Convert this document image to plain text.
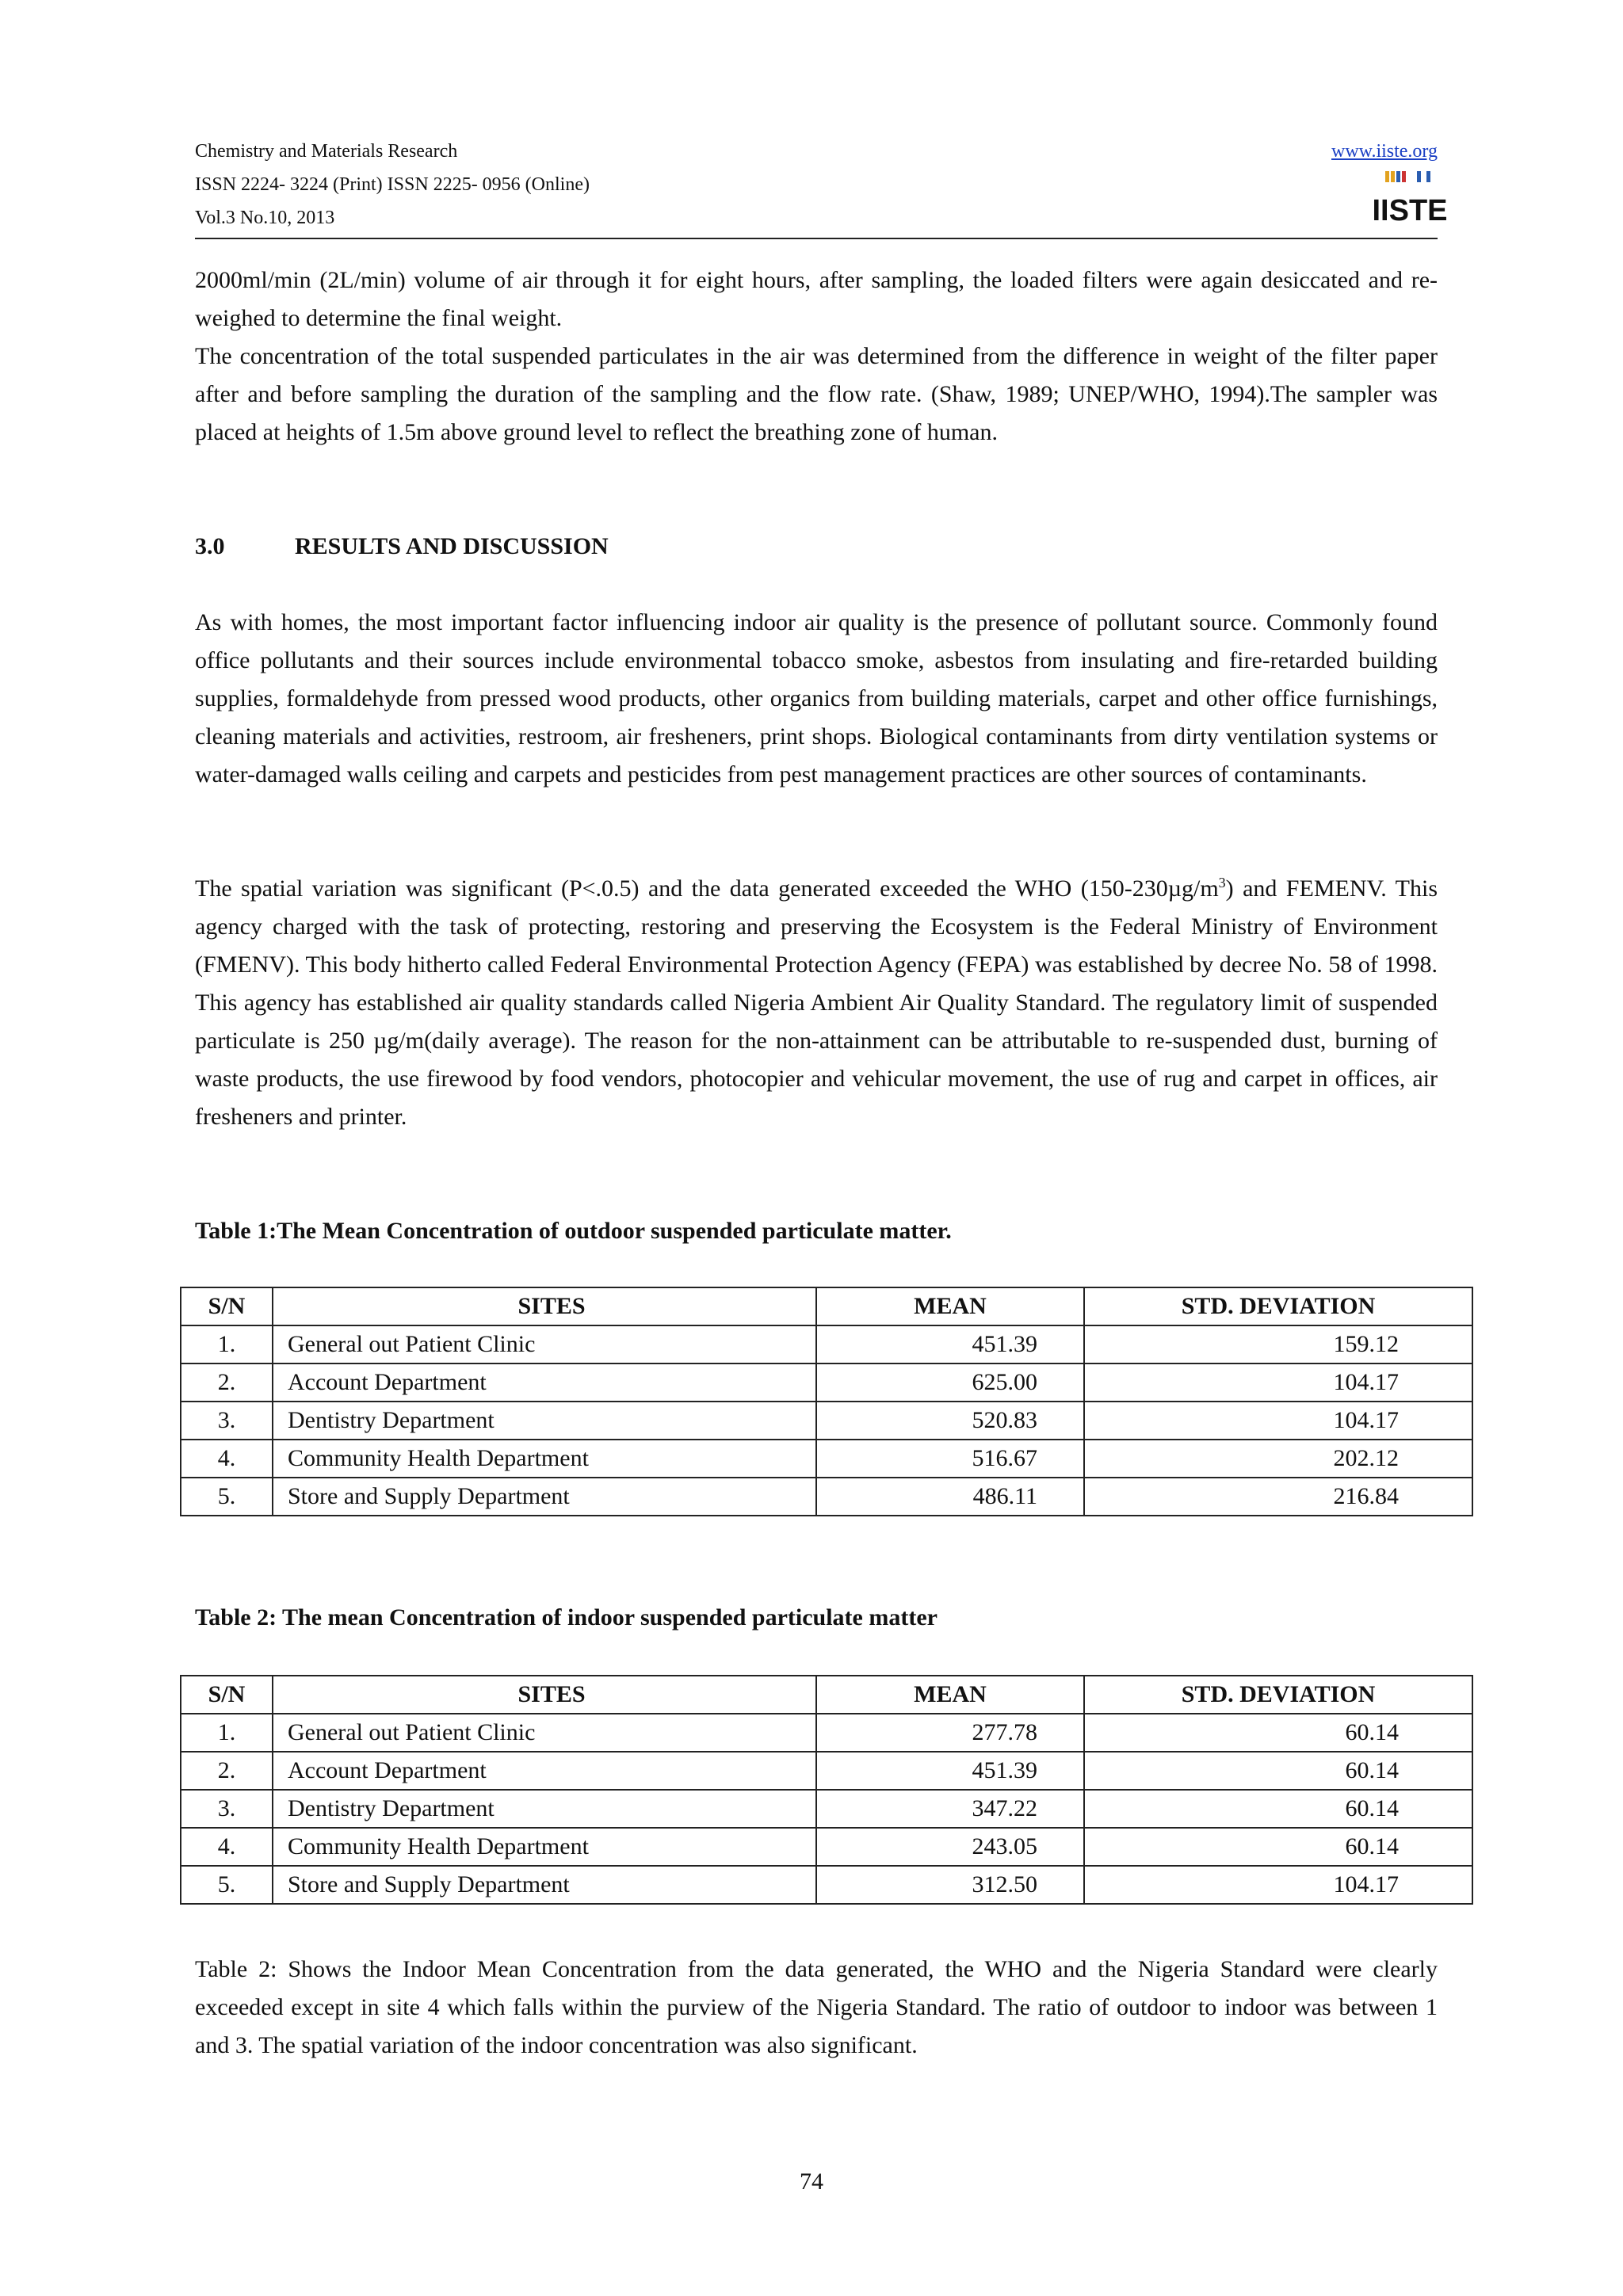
Chemistry and Materials Research
ISSN 2224- 3224 (Print) ISSN 2225- 0956 (Online)
Vol.3 No.10, 2013
www.iiste.org
IISTE

2000ml/min (2L/min) volume of air through it for eight hours, after sampling, the loaded filters were again desiccated and re-weighed to determine the final weight.

The concentration of the total suspended particulates in the air was determined from the difference in weight of the filter paper after and before sampling the duration of the sampling and the flow rate. (Shaw, 1989; UNEP/WHO, 1994).The sampler was placed at heights of 1.5m above ground level to reflect the breathing zone of human.

3.0	RESULTS AND DISCUSSION
As with homes, the most important factor influencing indoor air quality is the presence of pollutant source. Commonly found office pollutants and their sources include environmental tobacco smoke, asbestos from insulating and fire-retarded building supplies, formaldehyde from pressed wood products, other organics from building materials, carpet and other office furnishings, cleaning materials and activities, restroom, air fresheners, print shops. Biological contaminants from dirty ventilation systems or water-damaged walls ceiling and carpets and pesticides from pest management practices are other sources of contaminants.
The spatial variation was significant (P<.0.5) and the data generated exceeded the WHO $(150-230\mu g/m^3)$ and FEMENV. This agency charged with the task of protecting, restoring and preserving the Ecosystem is the Federal Ministry of Environment (FMENV). This body hitherto called Federal Environmental Protection Agency (FEPA) was established by decree No. 58 of 1998. This agency has established air quality standards called Nigeria Ambient Air Quality Standard. The regulatory limit of suspended particulate is 250 µg/m(daily average). The reason for the non-attainment can be attributable to re-suspended dust, burning of waste products, the use firewood by food vendors, photocopier and vehicular movement, the use of rug and carpet in offices, air fresheners and printer.
Table 1:The Mean Concentration of outdoor suspended particulate matter.
S/N	SITES	MEAN	STD. DEVIATION
1.	General out Patient Clinic	451.39	159.12
2.	Account Department	625.00	104.17
3.	Dentistry Department	520.83	104.17
4.	Community Health Department	516.67	202.12
5.	Store and Supply Department	486.11	216.84
Table 2: The mean Concentration of indoor suspended particulate matter
S/N	SITES	MEAN	STD. DEVIATION
1.	General out Patient Clinic	277.78	60.14
2.	Account Department	451.39	60.14
3.	Dentistry Department	347.22	60.14
4.	Community Health Department	243.05	60.14
5.	Store and Supply Department	312.50	104.17
Table 2: Shows the Indoor Mean Concentration from the data generated, the WHO and the Nigeria Standard were clearly exceeded except in site 4 which falls within the purview of the Nigeria Standard. The ratio of outdoor to indoor was between 1 and 3. The spatial variation of the indoor concentration was also significant.
74
